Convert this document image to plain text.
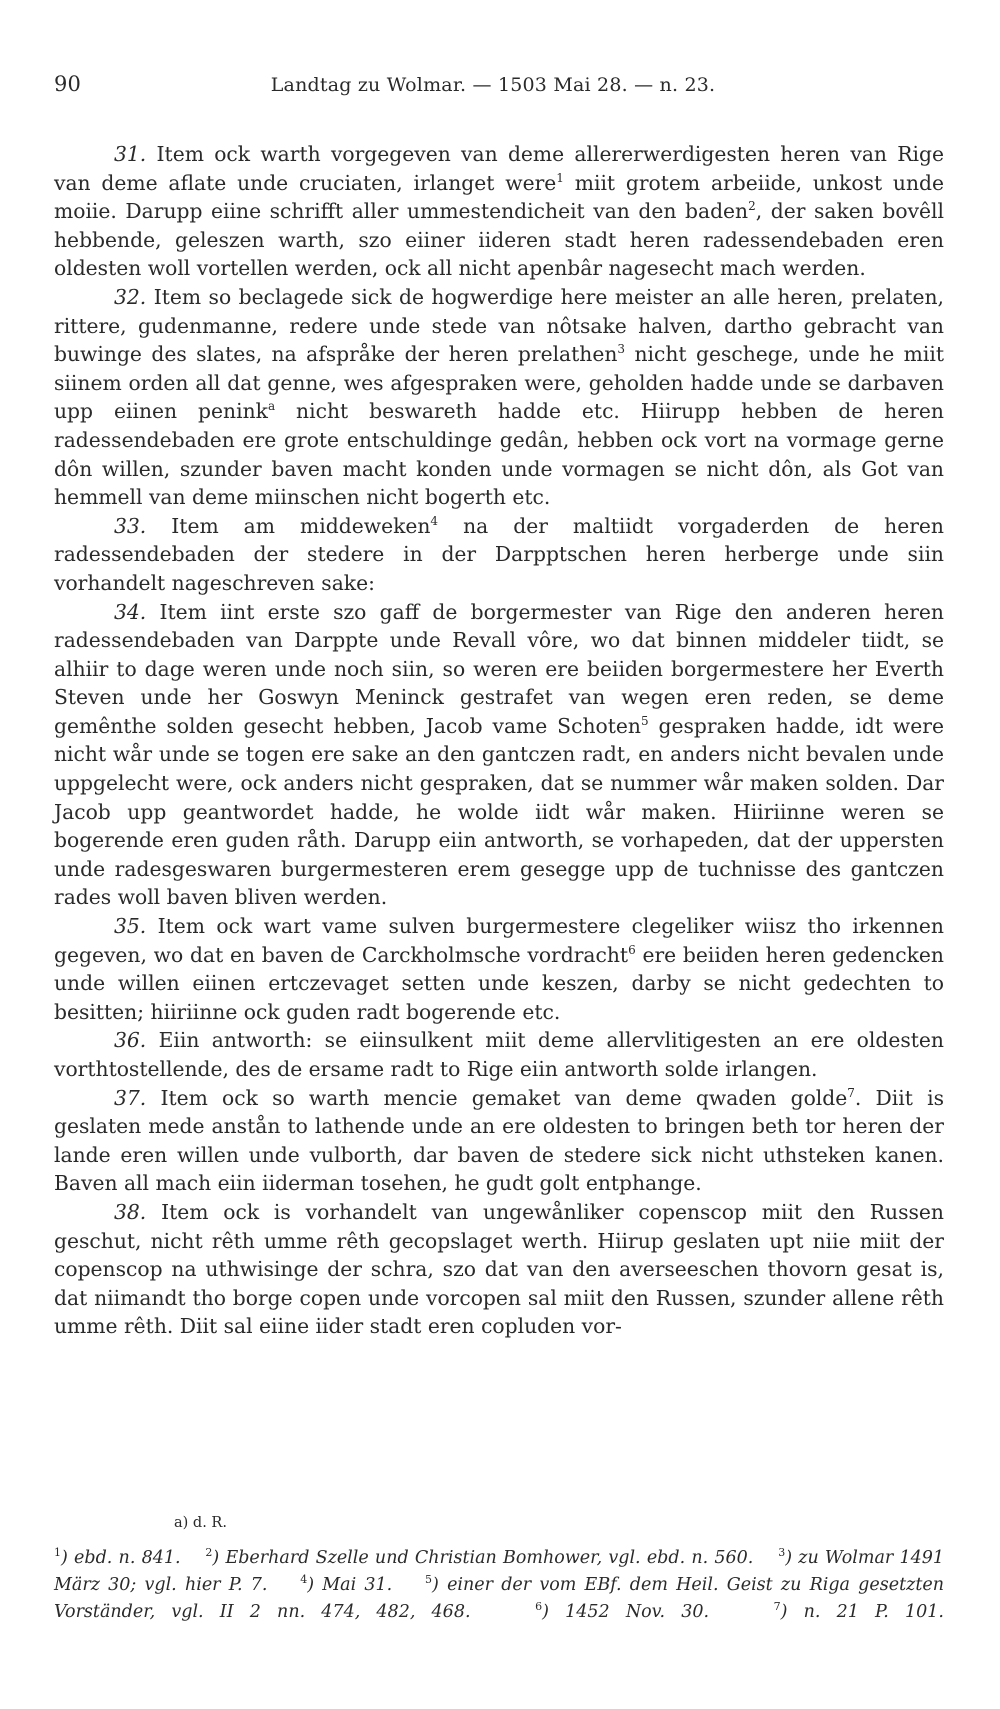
90	Landtag zu Wolmar. — 1503 Mai 28. — n. 23.

31. Item ock warth vorgegeven van deme allererwerdigesten heren van Rige van deme aflate unde cruciaten, irlanget were$^1$ miit grotem arbeiide, unkost unde moiie. Darupp eiine schrifft aller ummestendicheit van den baden$^2$, der saken bovêll hebbende, geleszen warth, szo eiiner iideren stadt heren radessendebaden eren oldesten woll vortellen werden, ock all nicht apenbâr nagesecht mach werden.

32. Item so beclagede sick de hogwerdige here meister an alle heren, prelaten, rittere, gudenmanne, redere unde stede van nôtsake halven, dartho gebracht van buwinge des slates, na afspråke der heren prelathen$^3$ nicht geschege, unde he miit siinem orden all dat genne, wes afgespraken were, geholden hadde unde se darbaven upp eiinen penink$^a$ nicht beswareth hadde etc. Hiirupp hebben de heren radessendebaden ere grote entschuldinge gedân, hebben ock vort na vormage gerne dôn willen, szunder baven macht konden unde vormagen se nicht dôn, als Got van hemmell van deme miinschen nicht bogerth etc.

33. Item am middeweken$^4$ na der maltiidt vorgaderden de heren radessendebaden der stedere in der Darpptschen heren herberge unde siin vorhandelt nageschreven sake:

34. Item iint erste szo gaff de borgermester van Rige den anderen heren radessendebaden van Darppte unde Revall vôre, wo dat binnen middeler tiidt, se alhiir to dage weren unde noch siin, so weren ere beiiden borgermestere her Everth Steven unde her Goswyn Meninck gestrafet van wegen eren reden, se deme gemênthe solden gesecht hebben, Jacob vame Schoten$^5$ gespraken hadde, idt were nicht wår unde se togen ere sake an den gantczen radt, en anders nicht bevalen unde uppgelecht were, ock anders nicht gespraken, dat se nummer wår maken solden. Dar Jacob upp geantwordet hadde, he wolde iidt wår maken. Hiiriinne weren se bogerende eren guden råth. Darupp eiin antworth, se vorhapeden, dat der uppersten unde radesgeswaren burgermesteren erem gesegge upp de tuchnisse des gantczen rades woll baven bliven werden.

35. Item ock wart vame sulven burgermestere clegeliker wiisz tho irkennen gegeven, wo dat en baven de Carckholmsche vordracht$^6$ ere beiiden heren gedencken unde willen eiinen ertczevaget setten unde keszen, darby se nicht gedechten to besitten; hiiriinne ock guden radt bogerende etc.

36. Eiin antworth: se eiinsulkent miit deme allervlitigesten an ere oldesten vorthtostellende, des de ersame radt to Rige eiin antworth solde irlangen.

37. Item ock so warth mencie gemaket van deme qwaden golde$^7$. Diit is geslaten mede anstån to lathende unde an ere oldesten to bringen beth tor heren der lande eren willen unde vulborth, dar baven de stedere sick nicht uthsteken kanen. Baven all mach eiin iiderman tosehen, he gudt golt entphange.

38. Item ock is vorhandelt van ungewånliker copenscop miit den Russen geschut, nicht rêth umme rêth gecopslaget werth. Hiirup geslaten upt niie miit der copenscop na uthwisinge der schra, szo dat van den averseeschen thovorn gesat is, dat niimandt tho borge copen unde vorcopen sal miit den Russen, szunder allene rêth umme rêth. Diit sal eiine iider stadt eren copluden vor-

a) d. R.
$^1$) ebd. n. 841. $^2$) Eberhard Szelle und Christian Bomhower, vgl. ebd. n. 560. $^3$) zu Wolmar 1491 März 30; vgl. hier P. 7.	$^4$) Mai 31.	$^5$) einer der vom EBf. dem Heil. Geist zu Riga gesetzten Vorständer, vgl. II 2 nn. 474, 482, 468.	$^6$) 1452 Nov. 30.	$^7$) n. 21 P. 101.
